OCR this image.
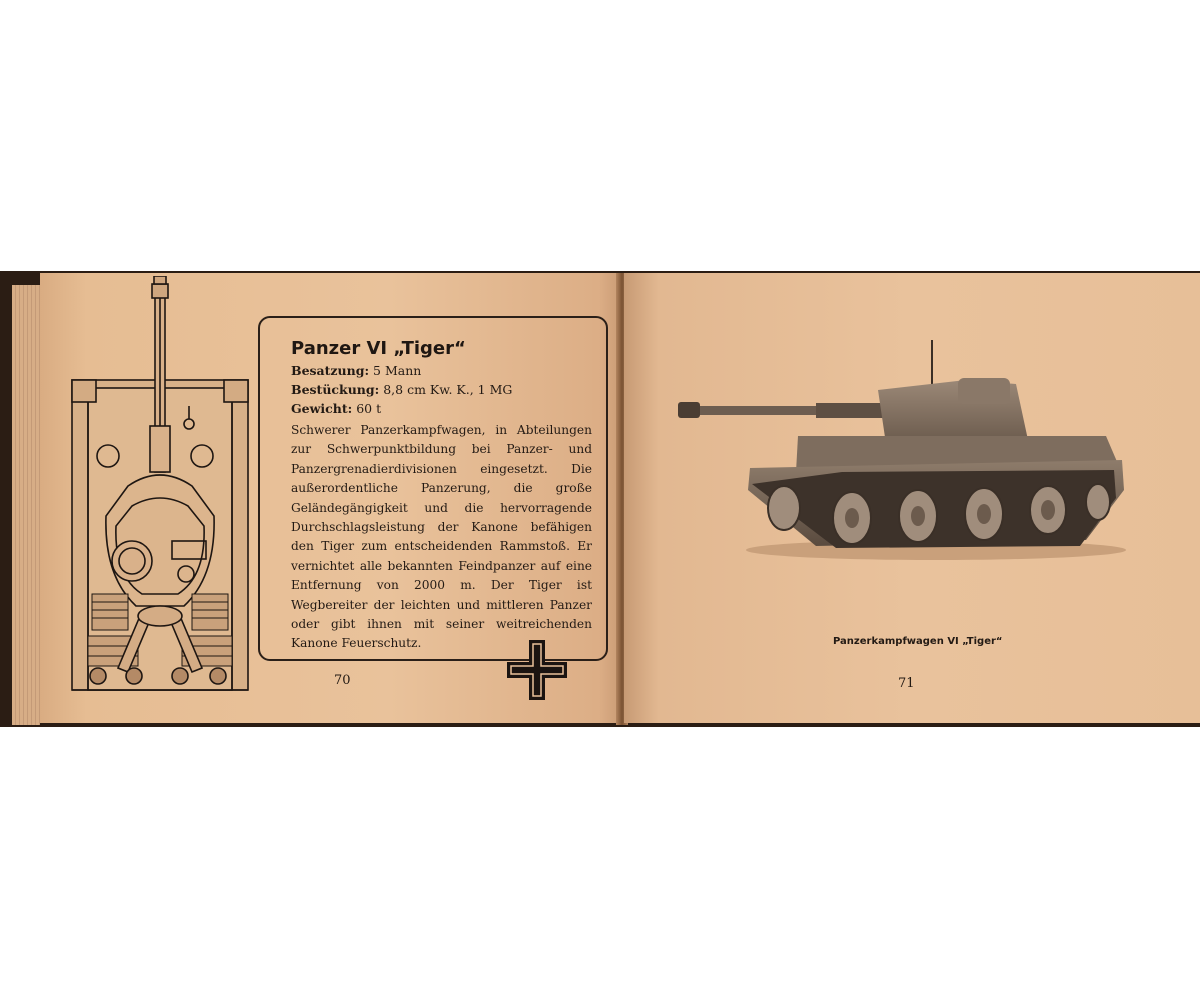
Panzer VI „Tiger“
Besatzung: 5 Mann
Bestückung: 8,8 cm Kw. K., 1 MG
Gewicht: 60 t
Schwerer Panzerkampfwagen, in Abteilungen zur Schwerpunktbildung bei Panzer- und Panzergrenadierdivisionen eingesetzt. Die außerordentliche Panzerung, die große Geländegängigkeit und die hervorragende Durchschlagsleistung der Kanone befähigen den Tiger zum entscheidenden Rammstoß. Er vernichtet alle bekannten Feindpanzer auf eine Entfernung von 2000 m. Der Tiger ist Wegbereiter der leichten und mittleren Panzer oder gibt ihnen mit seiner weitreichenden Kanone Feuerschutz.
70
Panzerkampfwagen VI „Tiger“
71
